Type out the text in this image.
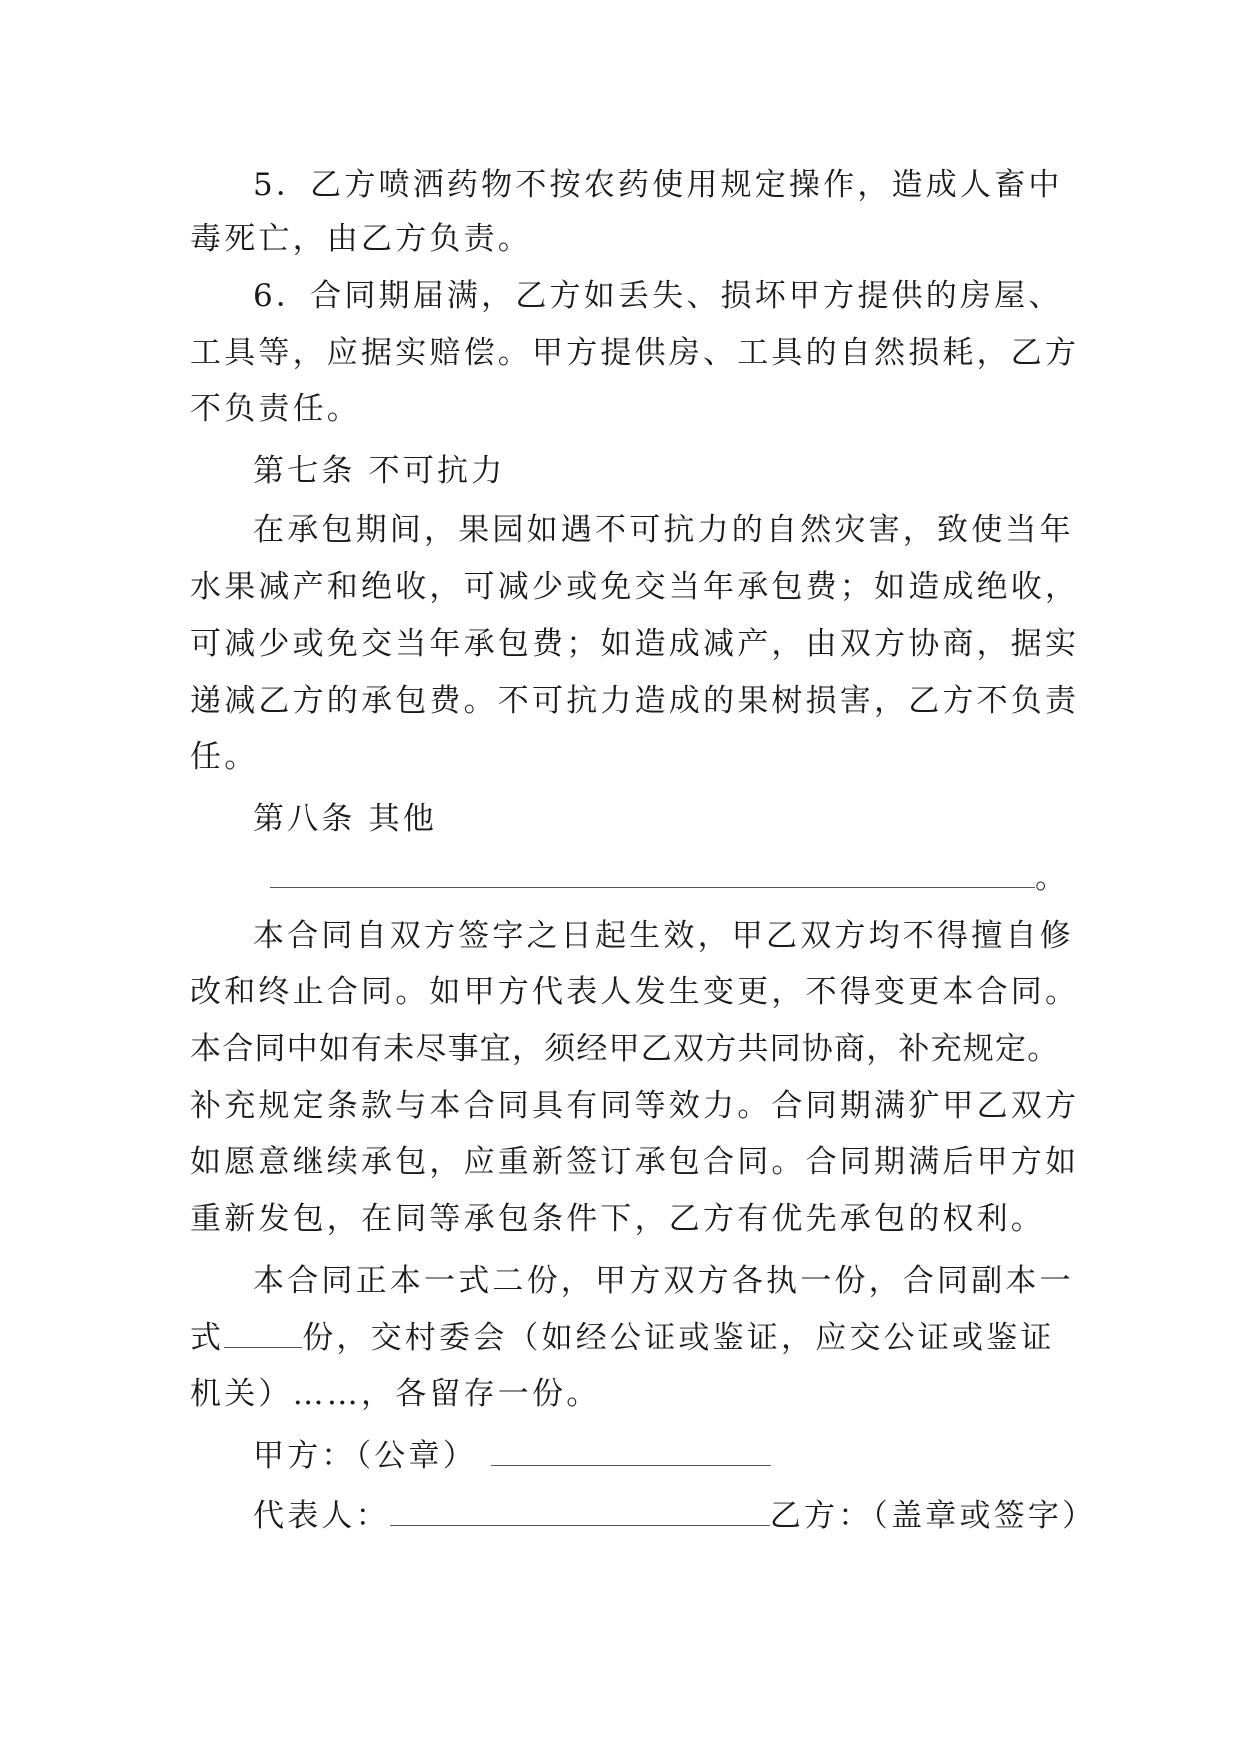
5．乙方喷洒药物不按农药使用规定操作，造成人畜中
毒死亡，由乙方负责。
6．合同期届满，乙方如丢失、损坏甲方提供的房屋、
工具等，应据实赔偿。甲方提供房、工具的自然损耗，乙方
不负责任。
第七条 不可抗力
在承包期间，果园如遇不可抗力的自然灾害，致使当年
水果减产和绝收，可减少或免交当年承包费；如造成绝收，
可减少或免交当年承包费；如造成减产，由双方协商，据实
递减乙方的承包费。不可抗力造成的果树损害，乙方不负责
任。
第八条 其他
。
本合同自双方签字之日起生效，甲乙双方均不得擅自修
改和终止合同。如甲方代表人发生变更，不得变更本合同。
本合同中如有未尽事宜，须经甲乙双方共同协商，补充规定。
补充规定条款与本合同具有同等效力。合同期满犷甲乙双方
如愿意继续承包，应重新签订承包合同。合同期满后甲方如
重新发包，在同等承包条件下，乙方有优先承包的权利。
本合同正本一式二份，甲方双方各执一份，合同副本一
式	份，交村委会（如经公证或鉴证，应交公证或鉴证
机关）……，各留存一份。
甲方：（公章）
代表人：	乙方：（盖章或签字）
